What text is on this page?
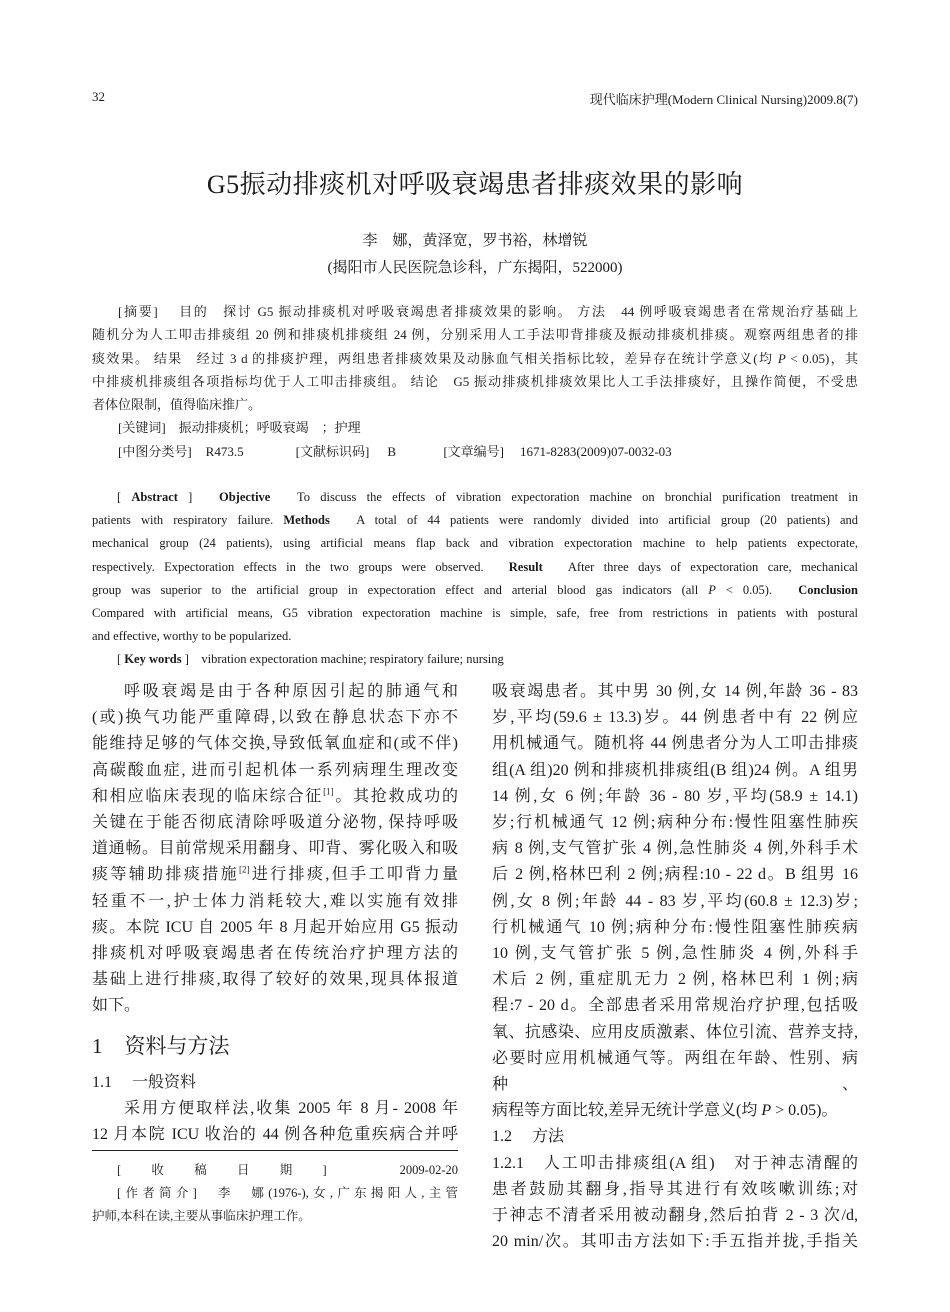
32	现代临床护理(Modern Clinical Nursing)2009.8(7)
G5振动排痰机对呼吸衰竭患者排痰效果的影响
李　娜，黄泽宽，罗书裕，林增锐
(揭阳市人民医院急诊科，广东揭阳，522000)
[摘要]　 目的　探讨 G5 振动排痰机对呼吸衰竭患者排痰效果的影响。 方法　44 例呼吸衰竭患者在常规治疗基础上
随机分为人工叩击排痰组 20 例和排痰机排痰组 24 例，分别采用人工手法叩背排痰及振动排痰机排痰。观察两组患者的排
痰效果。 结果　经过 3 d 的排痰护理，两组患者排痰效果及动脉血气相关指标比较，差异存在统计学意义(均 P < 0.05)，其
中排痰机排痰组各项指标均优于人工叩击排痰组。 结论　G5 振动排痰机排痰效果比人工手法排痰好，且操作简便，不受患
者体位限制，值得临床推广。
[关键词]　振动排痰机；呼吸衰竭　；护理
[中图分类号] R473.5	[文献标识码] B	[文章编号] 1671-8283(2009)07-0032-03
[ Abstract ]　Objective　To discuss the effects of vibration expectoration machine on bronchial purification treatment in
patients with respiratory failure. Methods　A total of 44 patients were randomly divided into artificial group (20 patients) and
mechanical group (24 patients), using artificial means flap back and vibration expectoration machine to help patients expectorate,
respectively. Expectoration effects in the two groups were observed.　Result　After three days of expectoration care, mechanical
group was superior to the artificial group in expectoration effect and arterial blood gas indicators (all P < 0.05).　Conclusion
Compared with artificial means, G5 vibration expectoration machine is simple, safe, free from restrictions in patients with postural
and effective, worthy to be popularized.
[ Key words ]　vibration expectoration machine; respiratory failure; nursing
呼吸衰竭是由于各种原因引起的肺通气和
(或)换气功能严重障碍,以致在静息状态下亦不
能维持足够的气体交换,导致低氧血症和(或不伴)
高碳酸血症, 进而引起机体一系列病理生理改变
和相应临床表现的临床综合征[1]。其抢救成功的
关键在于能否彻底清除呼吸道分泌物, 保持呼吸
道通畅。目前常规采用翻身、叩背、雾化吸入和吸
痰等辅助排痰措施[2]进行排痰,但手工叩背力量
轻重不一,护士体力消耗较大,难以实施有效排
痰。本院 ICU 自 2005 年 8 月起开始应用 G5 振动
排痰机对呼吸衰竭患者在传统治疗护理方法的
基础上进行排痰,取得了较好的效果,现具体报道
如下。
1 资料与方法
1.1　 一般资料
采用方便取样法,收集 2005 年 8 月- 2008 年
12 月本院 ICU 收治的 44 例各种危重疾病合并呼
[收稿日期]　2009-02-20
[作者简介]　李　娜(1976-),女,广东揭阳人,主管
护师,本科在读,主要从事临床护理工作。
吸衰竭患者。其中男 30 例,女 14 例,年龄 36 - 83
岁,平均(59.6 ± 13.3)岁。44 例患者中有 22 例应
用机械通气。随机将 44 例患者分为人工叩击排痰
组(A 组)20 例和排痰机排痰组(B 组)24 例。A 组男
14 例,女 6 例;年龄 36 - 80 岁,平均(58.9 ± 14.1)
岁;行机械通气 12 例;病种分布:慢性阻塞性肺疾
病 8 例,支气管扩张 4 例,急性肺炎 4 例,外科手术
后 2 例,格林巴利 2 例;病程:10 - 22 d。B 组男 16
例,女 8 例;年龄 44 - 83 岁,平均(60.8 ± 12.3)岁;
行机械通气 10 例;病种分布:慢性阻塞性肺疾病
10 例,支气管扩张 5 例,急性肺炎 4 例,外科手
术后 2 例, 重症肌无力 2 例, 格林巴利 1 例;病
程:7 - 20 d。全部患者采用常规治疗护理,包括吸
氧、抗感染、应用皮质激素、体位引流、营养支持,
必要时应用机械通气等。两组在年龄、性别、病种、
病程等方面比较,差异无统计学意义(均 P > 0.05)。
1.2　 方法
1.2.1　人工叩击排痰组(A 组)　对于神志清醒的
患者鼓励其翻身,指导其进行有效咳嗽训练;对
于神志不清者采用被动翻身,然后拍背 2 - 3 次/d,
20 min/次。其叩击方法如下:手五指并拢,手指关
